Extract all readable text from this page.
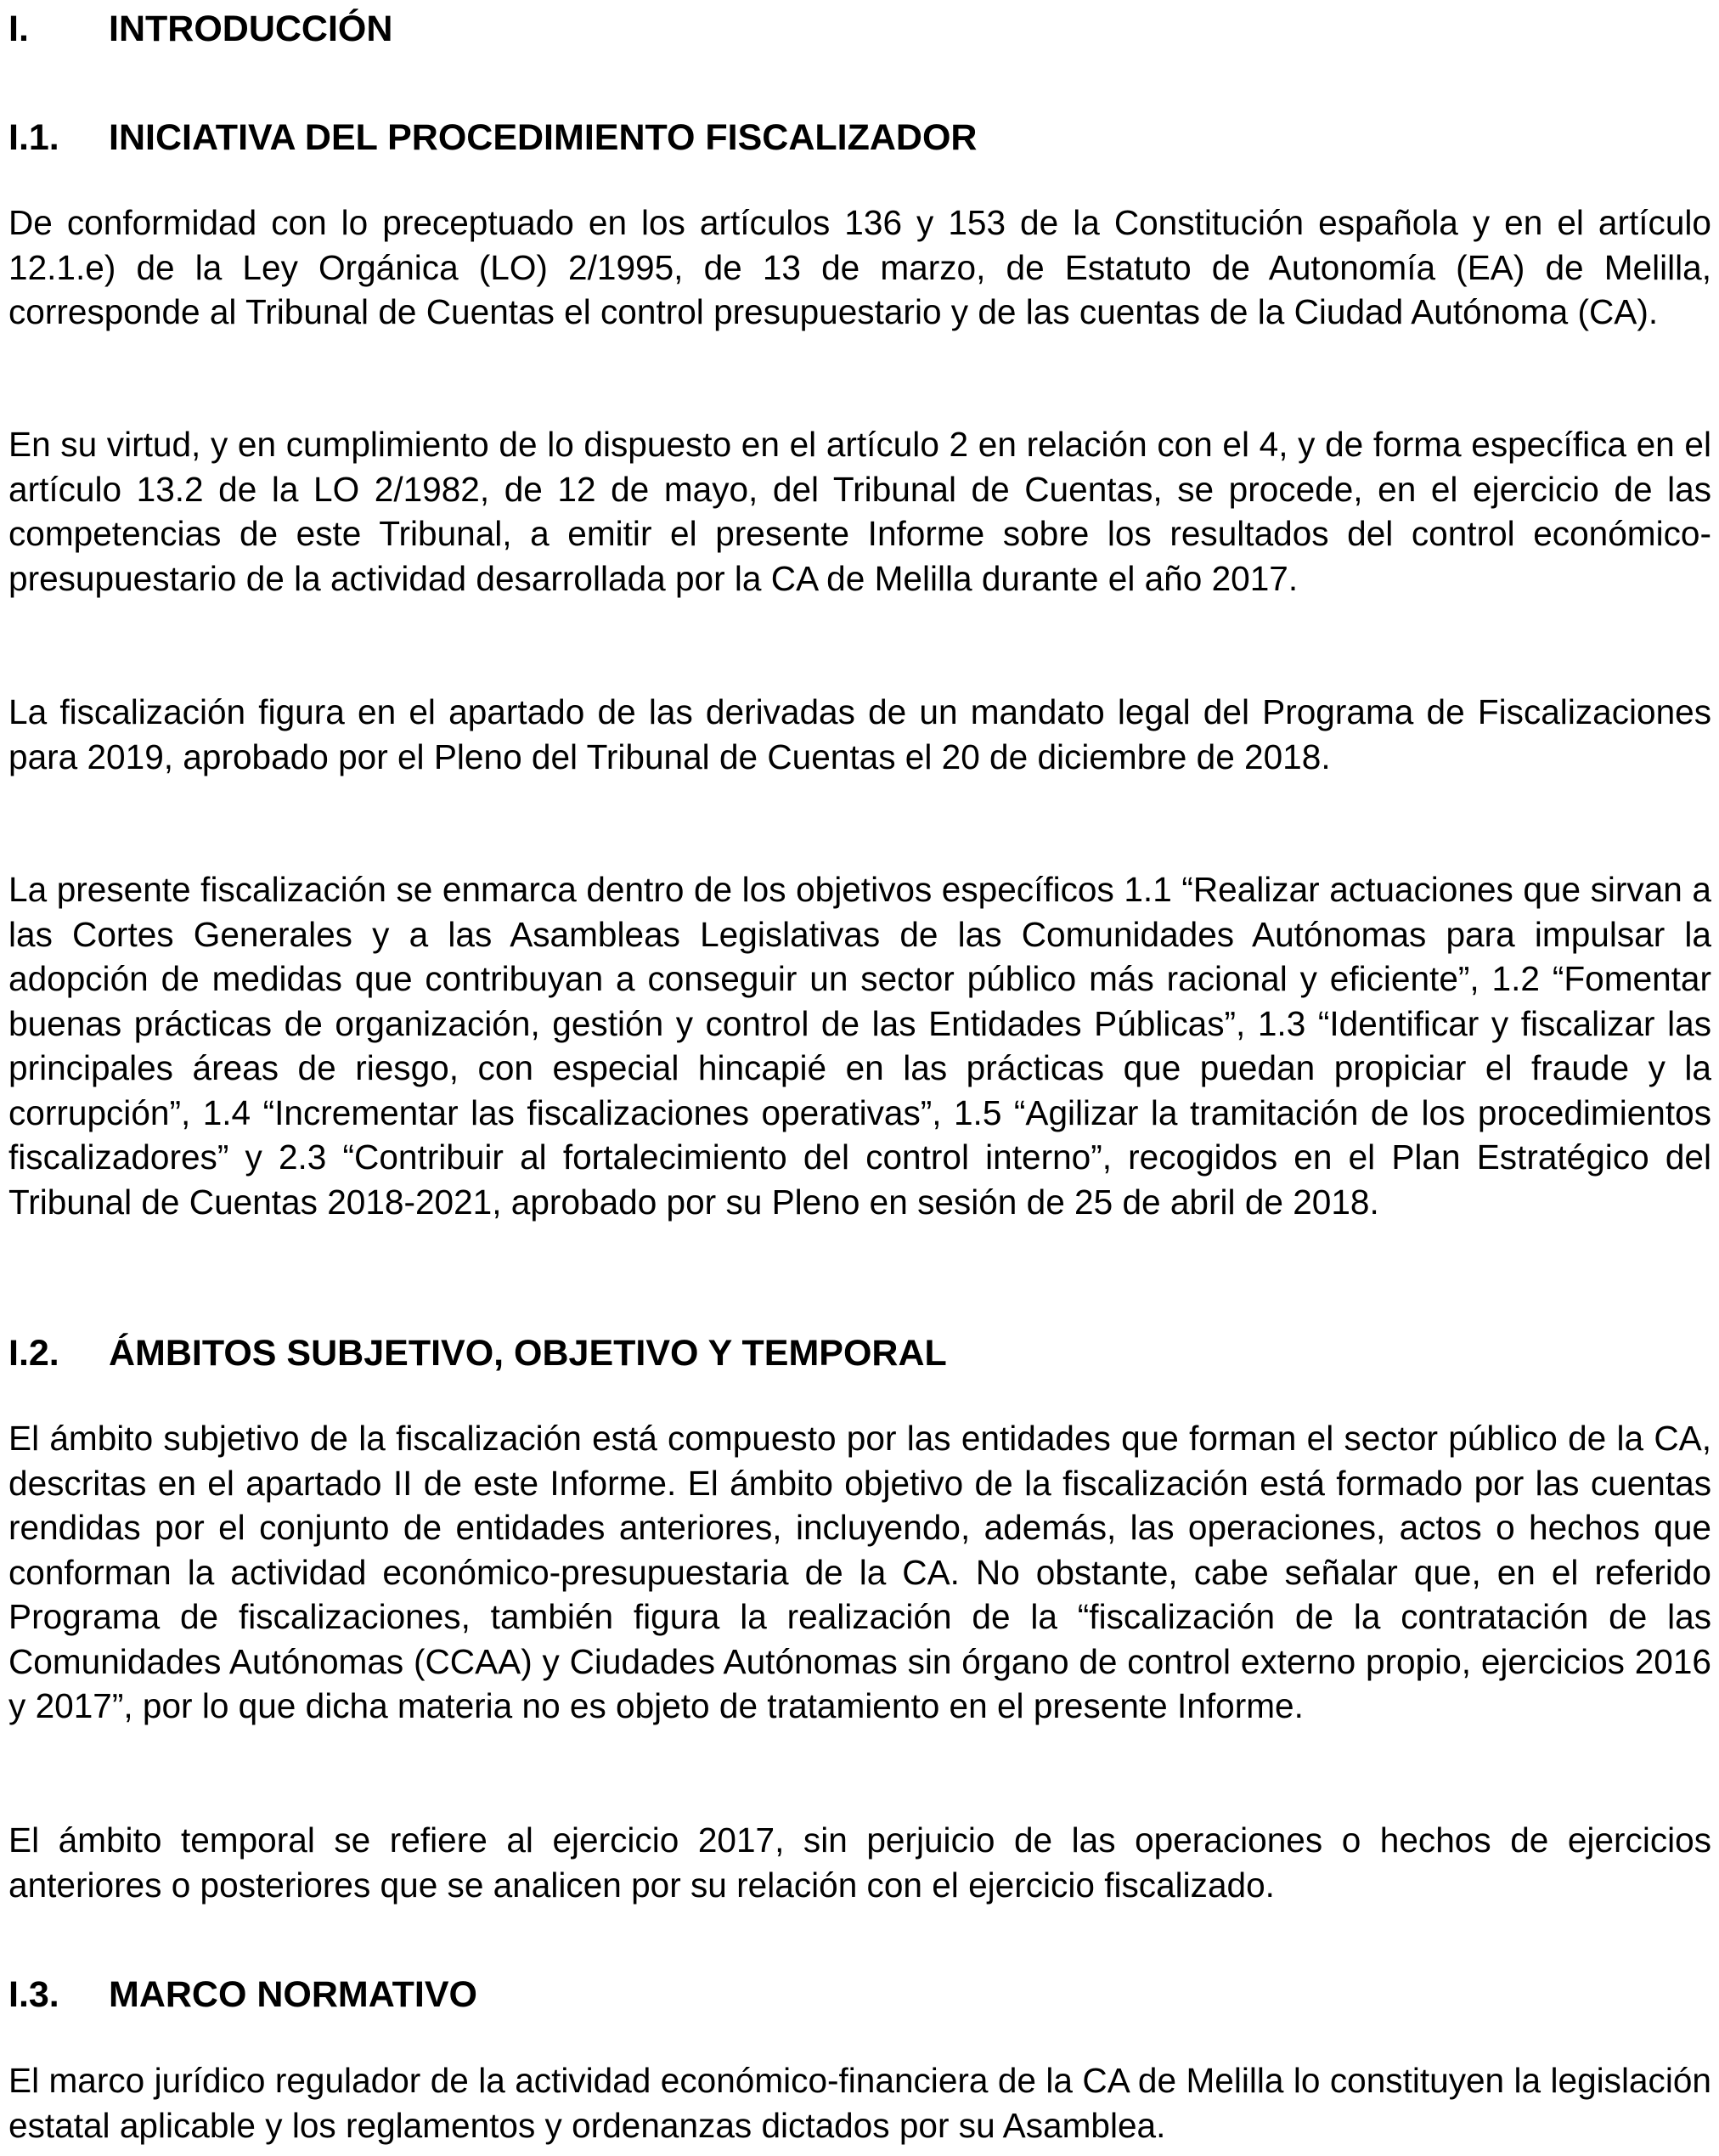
I. INTRODUCCIÓN
I.1. INICIATIVA DEL PROCEDIMIENTO FISCALIZADOR

De conformidad con lo preceptuado en los artículos 136 y 153 de la Constitución española y en el artículo 12.1.e) de la Ley Orgánica (LO) 2/1995, de 13 de marzo, de Estatuto de Autonomía (EA) de Melilla, corresponde al Tribunal de Cuentas el control presupuestario y de las cuentas de la Ciudad Autónoma (CA).

En su virtud, y en cumplimiento de lo dispuesto en el artículo 2 en relación con el 4, y de forma específica en el artículo 13.2 de la LO 2/1982, de 12 de mayo, del Tribunal de Cuentas, se procede, en el ejercicio de las competencias de este Tribunal, a emitir el presente Informe sobre los resultados del control económico-presupuestario de la actividad desarrollada por la CA de Melilla durante el año 2017.

La fiscalización figura en el apartado de las derivadas de un mandato legal del Programa de Fiscalizaciones para 2019, aprobado por el Pleno del Tribunal de Cuentas el 20 de diciembre de 2018.

La presente fiscalización se enmarca dentro de los objetivos específicos 1.1 “Realizar actuaciones que sirvan a las Cortes Generales y a las Asambleas Legislativas de las Comunidades Autónomas para impulsar la adopción de medidas que contribuyan a conseguir un sector público más racional y eficiente”, 1.2 “Fomentar buenas prácticas de organización, gestión y control de las Entidades Públicas”, 1.3 “Identificar y fiscalizar las principales áreas de riesgo, con especial hincapié en las prácticas que puedan propiciar el fraude y la corrupción”, 1.4 “Incrementar las fiscalizaciones operativas”, 1.5 “Agilizar la tramitación de los procedimientos fiscalizadores” y 2.3 “Contribuir al fortalecimiento del control interno”, recogidos en el Plan Estratégico del Tribunal de Cuentas 2018-2021, aprobado por su Pleno en sesión de 25 de abril de 2018.

I.2. ÁMBITOS SUBJETIVO, OBJETIVO Y TEMPORAL

El ámbito subjetivo de la fiscalización está compuesto por las entidades que forman el sector público de la CA, descritas en el apartado II de este Informe. El ámbito objetivo de la fiscalización está formado por las cuentas rendidas por el conjunto de entidades anteriores, incluyendo, además, las operaciones, actos o hechos que conforman la actividad económico-presupuestaria de la CA. No obstante, cabe señalar que, en el referido Programa de fiscalizaciones, también figura la realización de la “fiscalización de la contratación de las Comunidades Autónomas (CCAA) y Ciudades Autónomas sin órgano de control externo propio, ejercicios 2016 y 2017”, por lo que dicha materia no es objeto de tratamiento en el presente Informe.

El ámbito temporal se refiere al ejercicio 2017, sin perjuicio de las operaciones o hechos de ejercicios anteriores o posteriores que se analicen por su relación con el ejercicio fiscalizado.

I.3. MARCO NORMATIVO

El marco jurídico regulador de la actividad económico-financiera de la CA de Melilla lo constituyen la legislación estatal aplicable y los reglamentos y ordenanzas dictados por su Asamblea.
